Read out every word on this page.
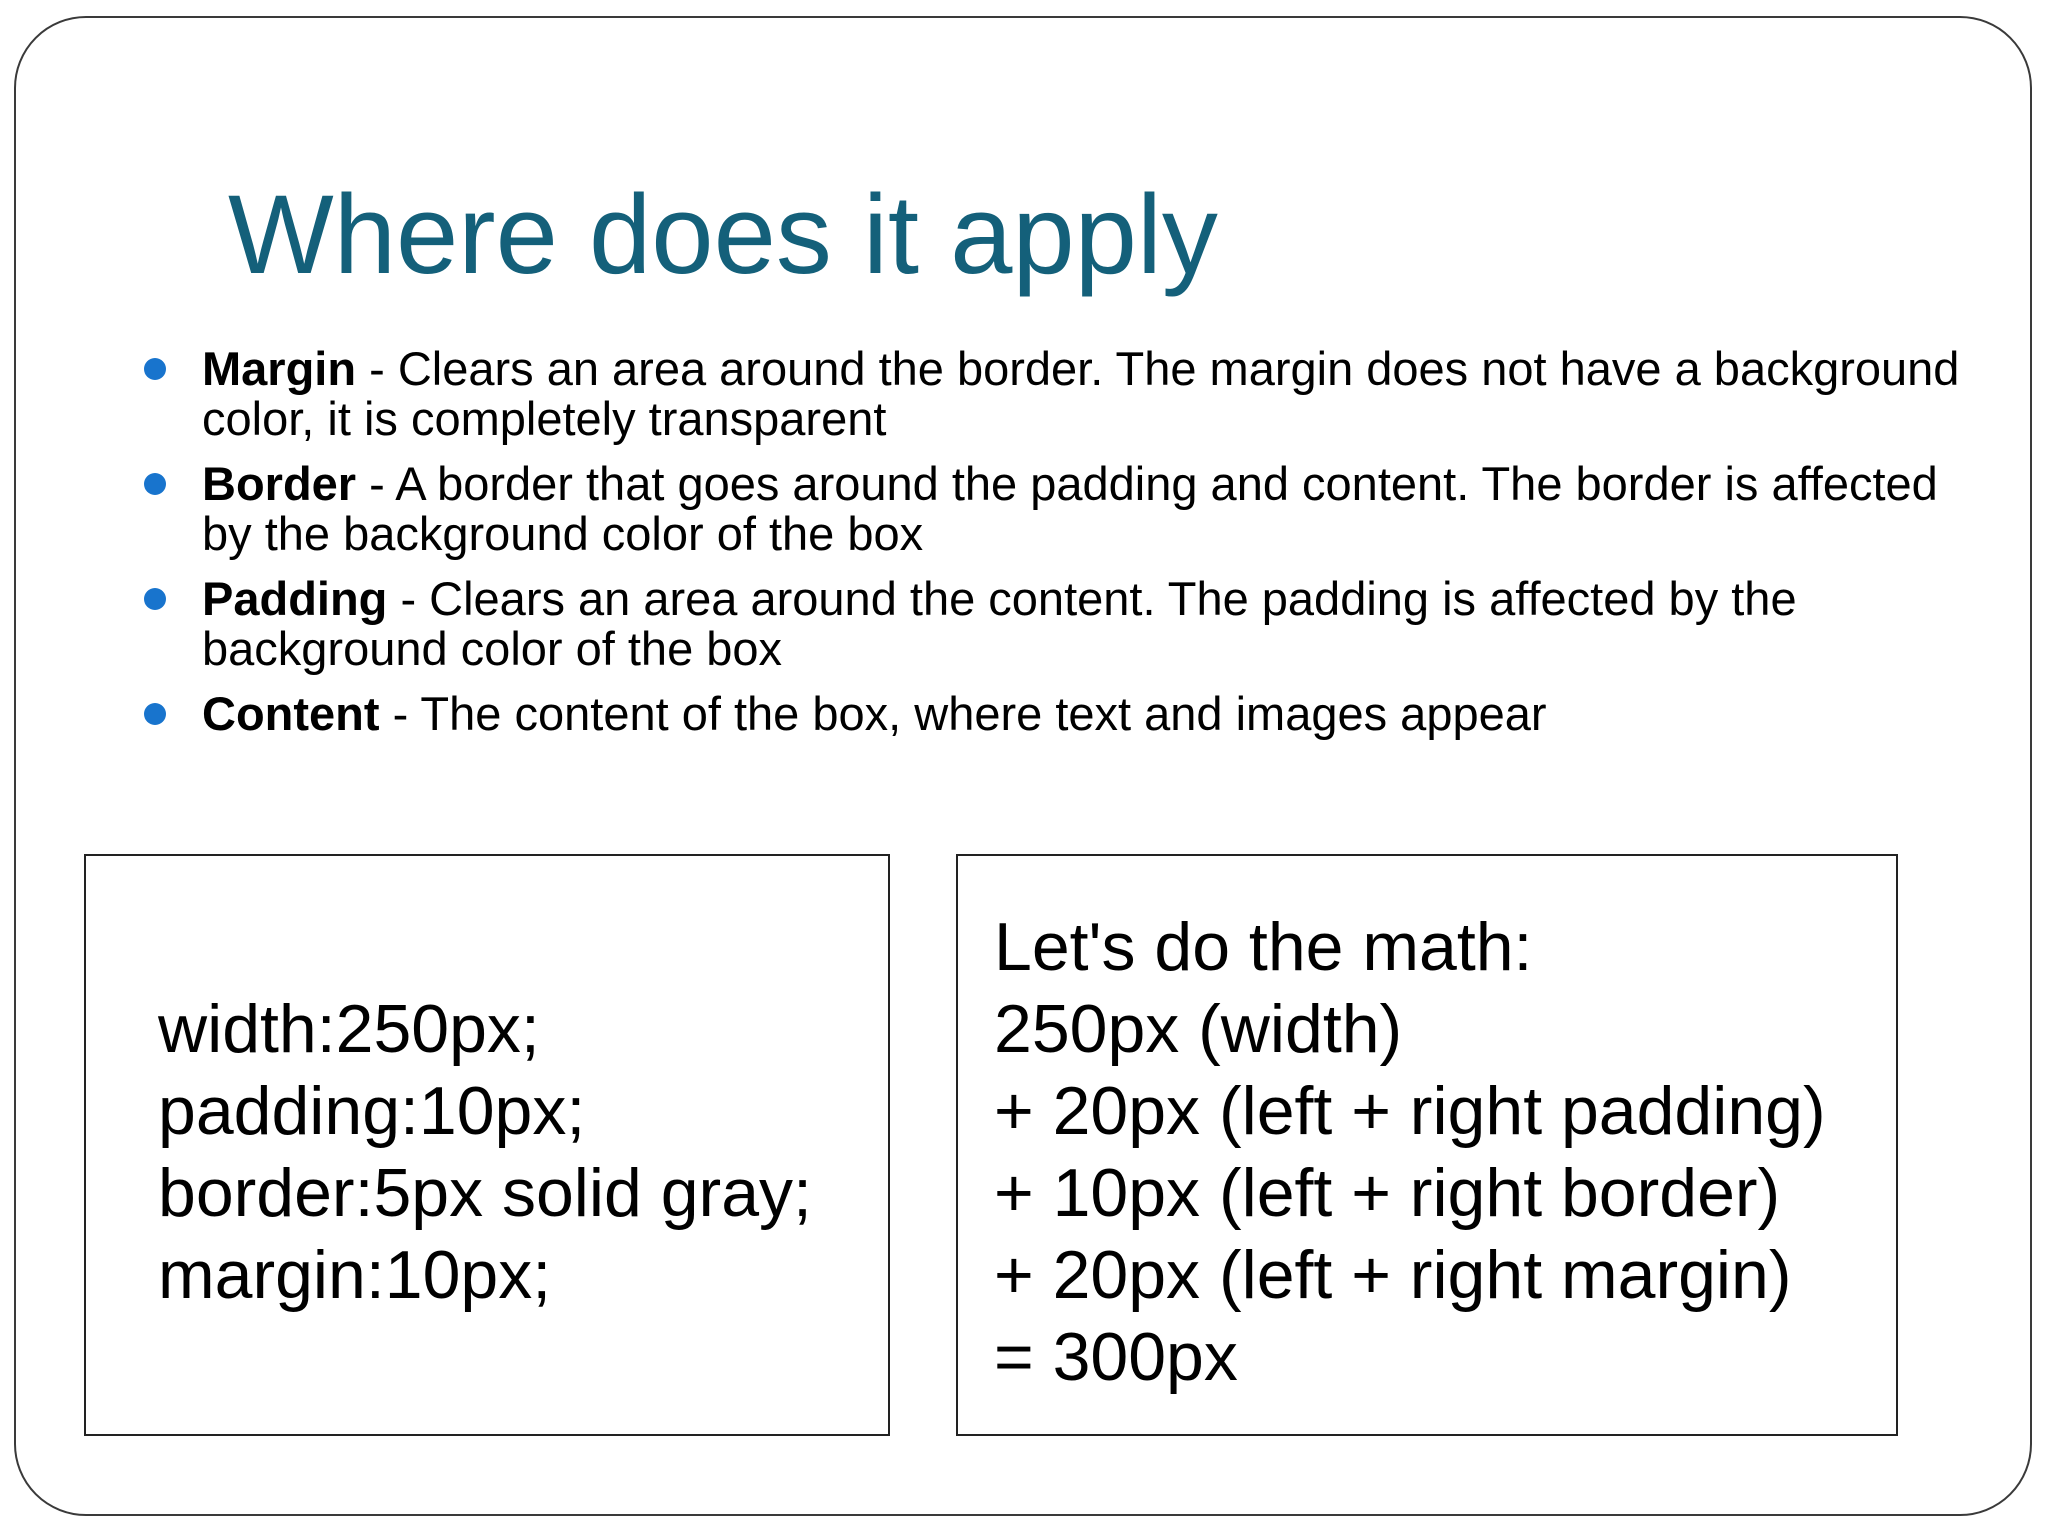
Where does it apply
Margin - Clears an area around the border. The margin does not have a background color, it is completely transparent
Border - A border that goes around the padding and content. The border is affected by the background color of the box
Padding - Clears an area around the content. The padding is affected by the background color of the box
Content - The content of the box, where text and images appear
width:250px;
padding:10px;
border:5px solid gray;
margin:10px;
Let's do the math:
250px (width)
+ 20px (left + right padding)
+ 10px (left + right border)
+ 20px (left + right margin)
= 300px
